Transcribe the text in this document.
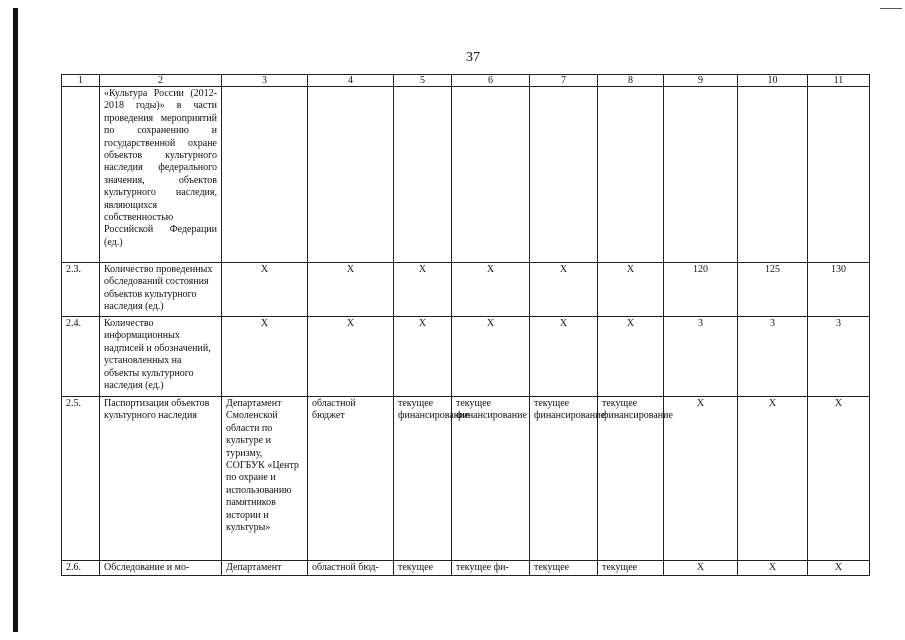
37
1	2	3	4	5	6	7	8	9	10	11
	«Культура России (2012-2018 годы)» в части проведения мероприятий по сохранению и государственной охране объектов культурного наследия федерального значения, объектов культурного наследия, являющихся собственностью Российской Федерации (ед.)									
2.3.	Количество проведенных обследований состояния объектов культурного наследия (ед.)	Х	Х	Х	Х	Х	Х	120	125	130
2.4.	Количество информационных надписей и обозначений, установленных на объекты культурного наследия (ед.)	Х	Х	Х	Х	Х	Х	3	3	3
2.5.	Паспортизация объектов культурного наследия	Департамент Смоленской области по культуре и туризму, СОГБУК «Центр по охране и использованию памятников истории и культуры»	областной бюджет	текущее финансирование	текущее финансирование	текущее финансирование	текущее финансирование	Х	Х	Х
2.6.	Обследование и мо-	Департамент	областной бюд-	текущее	текущее фи-	текущее	текущее	Х	Х	Х
